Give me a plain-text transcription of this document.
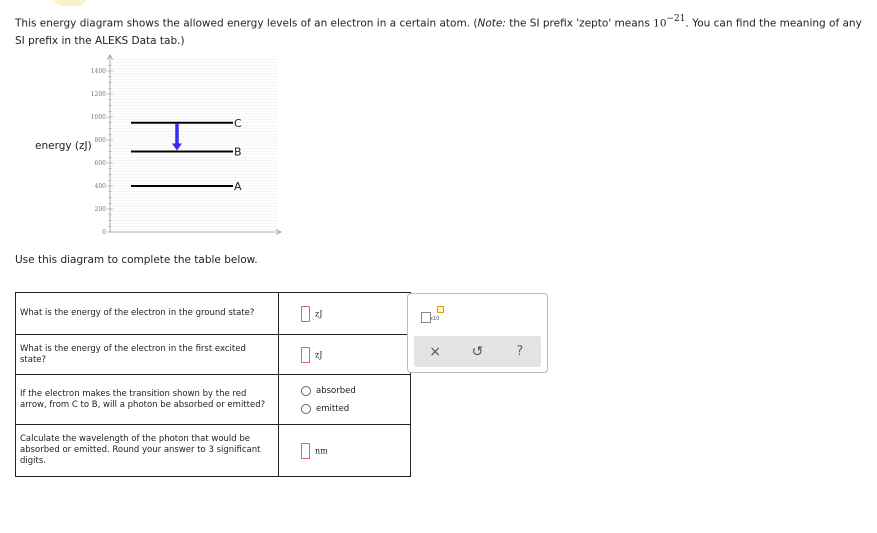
This energy diagram shows the allowed energy levels of an electron in a certain atom. (Note: the SI prefix 'zepto' means $10^{-21}$. You can find the meaning of any SI prefix in the ALEKS Data tab.)
energy (zJ)
0
200
400
600
800
1000
1200
1400
A
B
C
Use this diagram to complete the table below.
What is the energy of the electron in the ground state?	zJ
What is the energy of the electron in the first excited state?	zJ
If the electron makes the transition shown by the red arrow, from C to B, will a photon be absorbed or emitted?	absorbed
emitted

Calculate the wavelength of the photon that would be absorbed or emitted. Round your answer to 3 significant digits.	nm
x10
×	↺	?
